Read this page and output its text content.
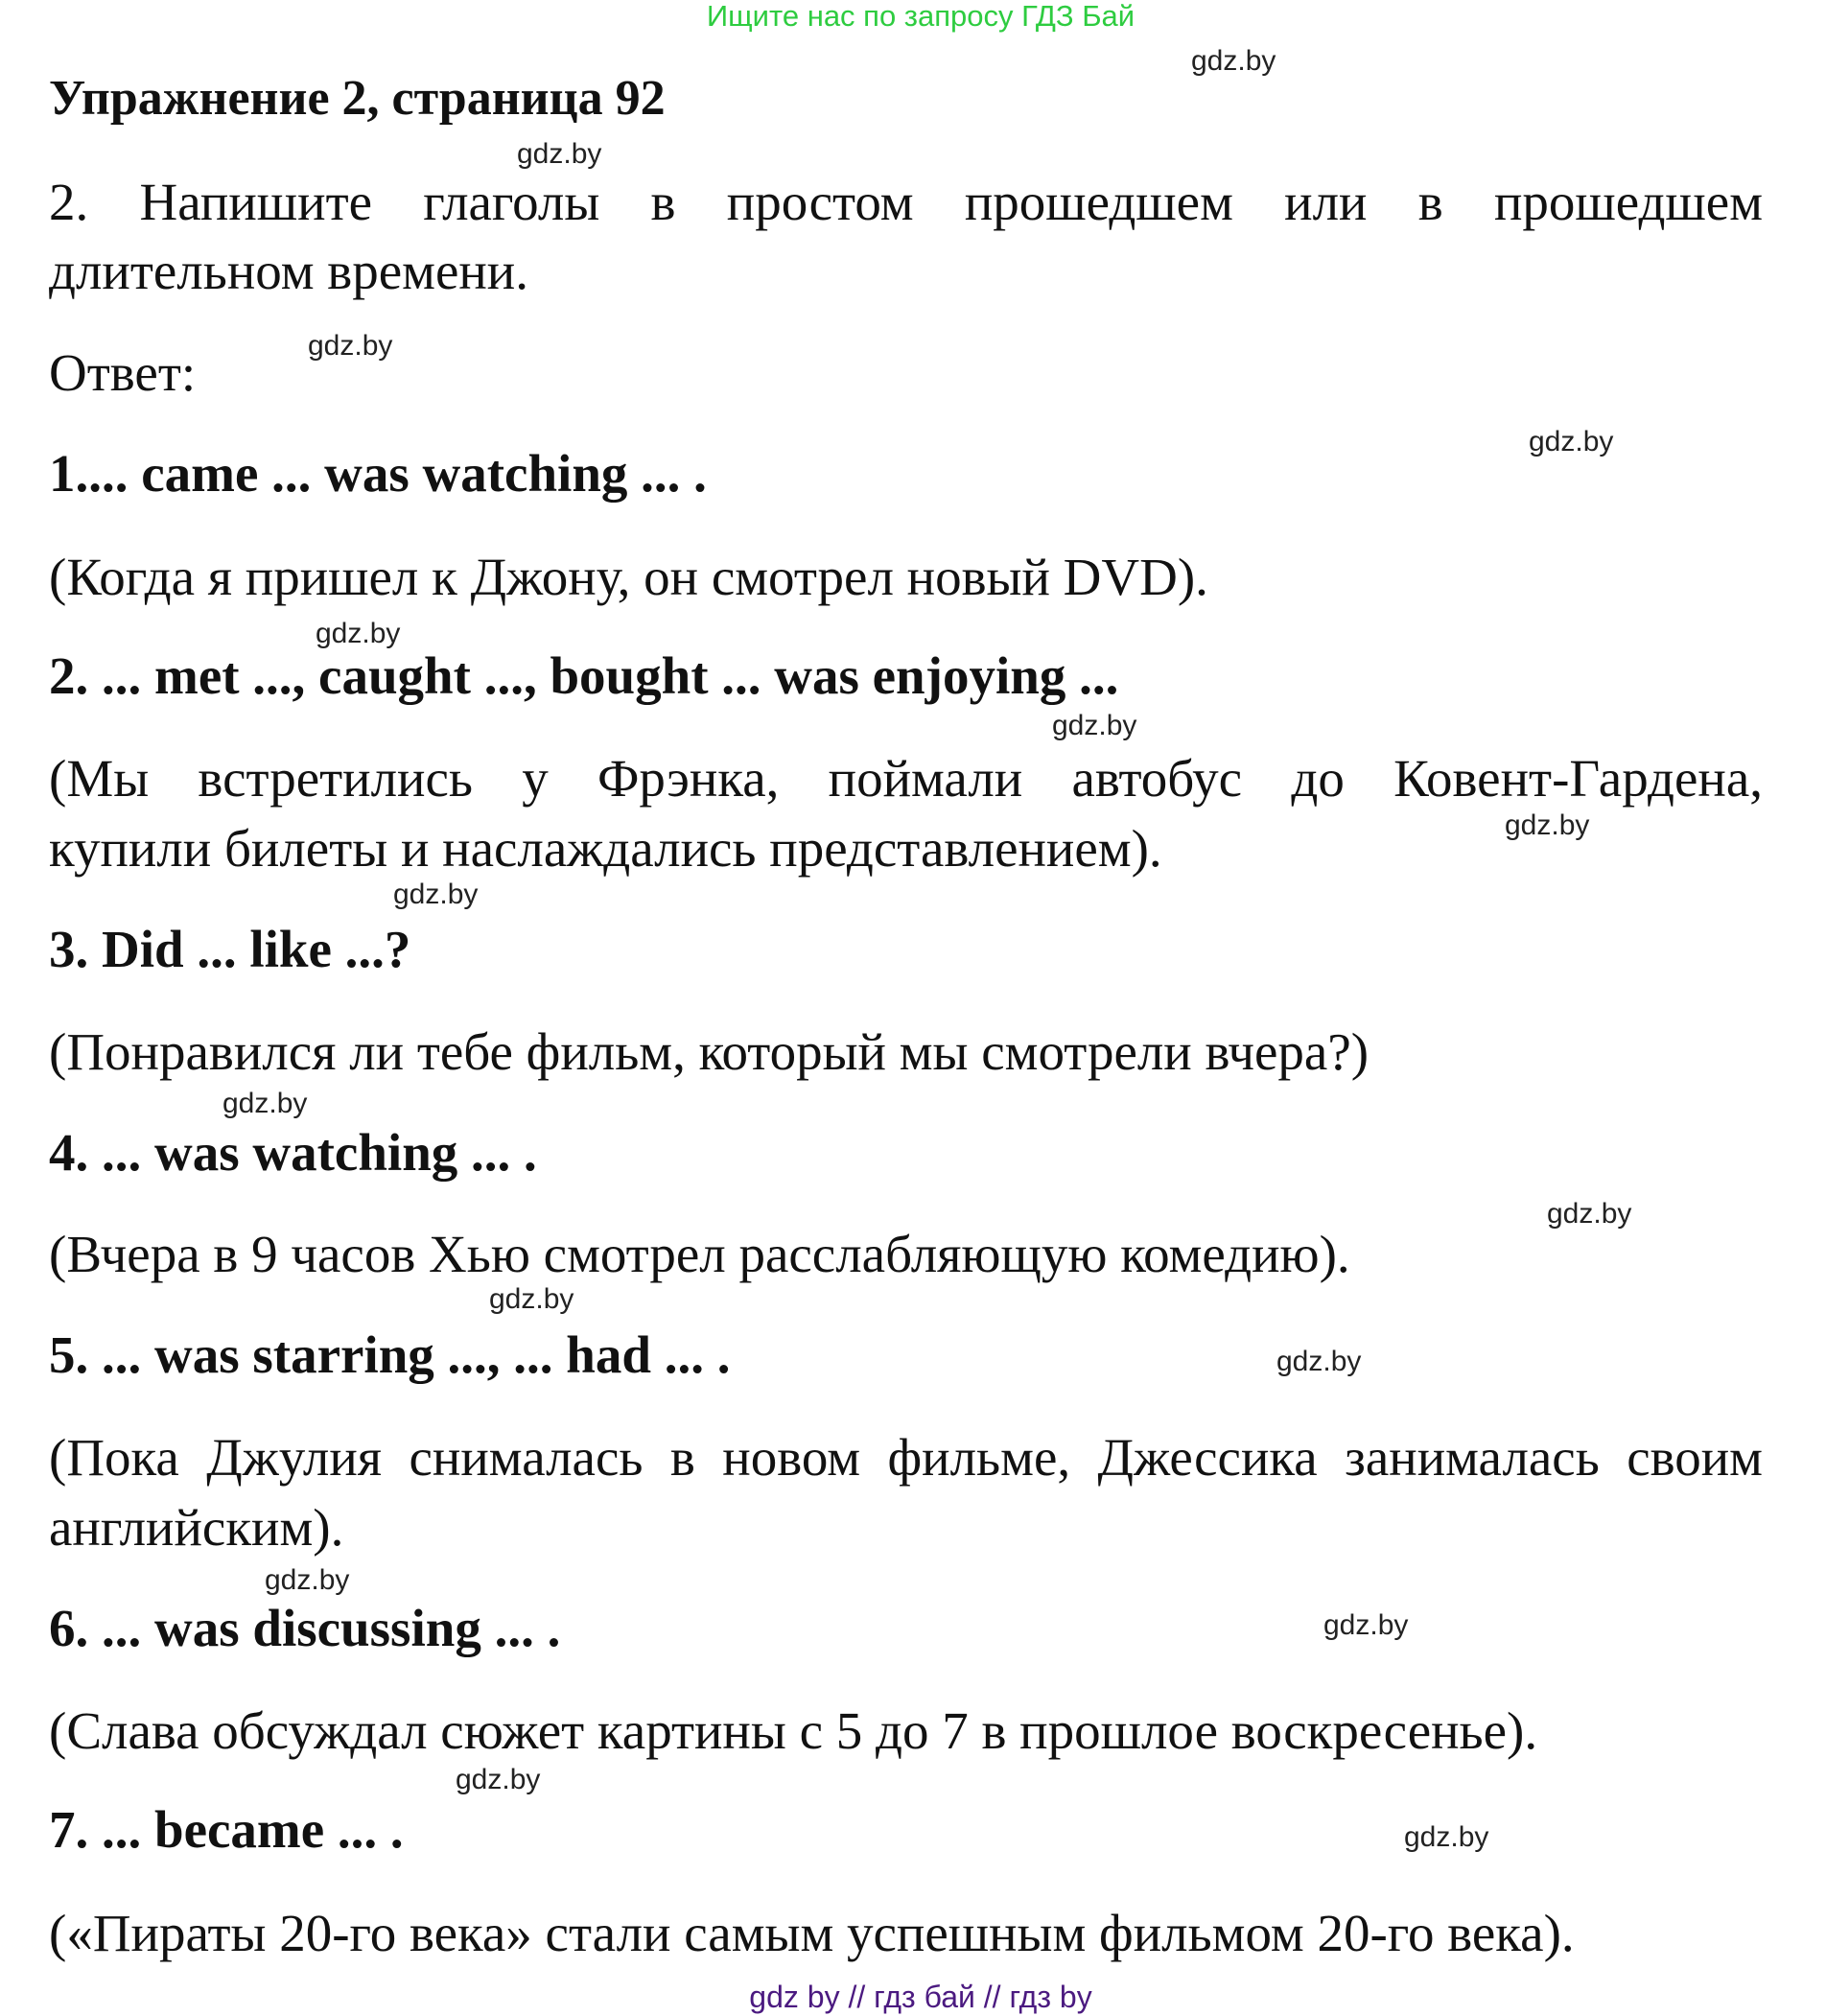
Ищите нас по запросу ГДЗ Бай
Упражнение 2, страница 92
2. Напишите глаголы в простом прошедшем или в прошедшем
длительном времени.
Ответ:
1.... came ... was watching ... .
(Когда я пришел к Джону, он смотрел новый DVD).
2. ... met ..., caught ..., bought ... was enjoying ...
(Мы встретились у Фрэнка, поймали автобус до Ковент-Гардена,
купили билеты и наслаждались представлением).
3. Did ... like ...?
(Понравился ли тебе фильм, который мы смотрели вчера?)
4. ... was watching ... .
(Вчера в 9 часов Хью смотрел расслабляющую комедию).
5. ... was starring ..., ... had ... .
(Пока Джулия снималась в новом фильме, Джессика занималась своим
английским).
6. ... was discussing ... .
(Слава обсуждал сюжет картины с 5 до 7 в прошлое воскресенье).
7. ... became ... .
(«Пираты 20-го века» стали самым успешным фильмом 20-го века).
gdz.by
gdz.by
gdz.by
gdz.by
gdz.by
gdz.by
gdz.by
gdz.by
gdz.by
gdz.by
gdz.by
gdz.by
gdz.by
gdz.by
gdz.by
gdz.by
gdz by // гдз бай // гдз by
